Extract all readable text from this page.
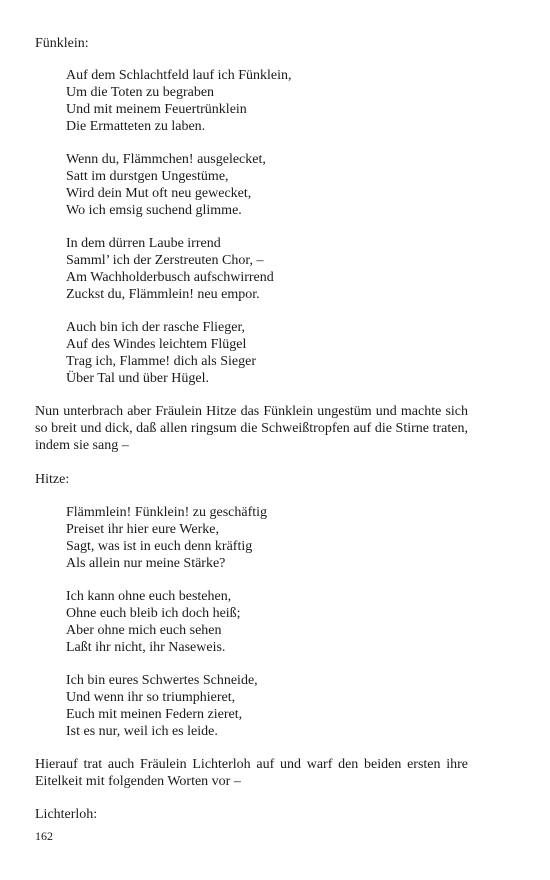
Fünklein:

Auf dem Schlachtfeld lauf ich Fünklein,
Um die Toten zu begraben
Und mit meinem Feuertrünklein
Die Ermatteten zu laben.
Wenn du, Flämmchen! ausgelecket,
Satt im durstgen Ungestüme,
Wird dein Mut oft neu gewecket,
Wo ich emsig suchend glimme.
In dem dürren Laube irrend
Samml’ ich der Zerstreuten Chor, –
Am Wachholderbusch aufschwirrend
Zuckst du, Flämmlein! neu empor.
Auch bin ich der rasche Flieger,
Auf des Windes leichtem Flügel
Trag ich, Flamme! dich als Sieger
Über Tal und über Hügel.

Nun unterbrach aber Fräulein Hitze das Fünklein ungestüm und machte sich so breit und dick, daß allen ringsum die Schweißtropfen auf die Stirne traten, indem sie sang –

Hitze:

Flämmlein! Fünklein! zu geschäftig
Preiset ihr hier eure Werke,
Sagt, was ist in euch denn kräftig
Als allein nur meine Stärke?
Ich kann ohne euch bestehen,
Ohne euch bleib ich doch heiß;
Aber ohne mich euch sehen
Laßt ihr nicht, ihr Naseweis.
Ich bin eures Schwertes Schneide,
Und wenn ihr so triumphieret,
Euch mit meinen Federn zieret,
Ist es nur, weil ich es leide.

Hierauf trat auch Fräulein Lichterloh auf und warf den beiden ersten ihre Eitelkeit mit folgenden Worten vor –

Lichterloh:

162
